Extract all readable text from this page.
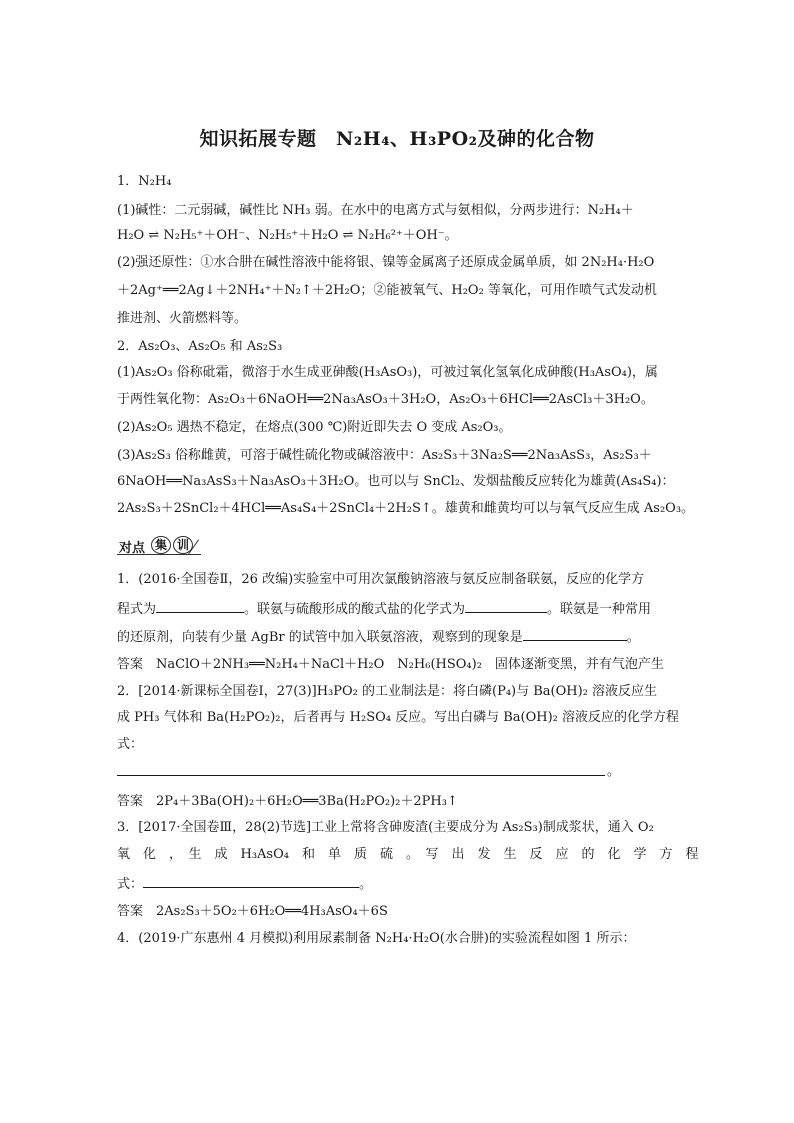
知识拓展专题　N₂H₄、H₃PO₂及砷的化合物
1．N₂H₄
(1)碱性：二元弱碱，碱性比 NH₃ 弱。在水中的电离方式与氨相似，分两步进行：N₂H₄＋
H₂O ⇌ N₂H₅⁺＋OH⁻、N₂H₅⁺＋H₂O ⇌ N₂H₆²⁺＋OH⁻。
(2)强还原性：①水合肼在碱性溶液中能将银、镍等金属离子还原成金属单质，如 2N₂H₄·H₂O
＋2Ag⁺══2Ag↓＋2NH₄⁺＋N₂↑＋2H₂O；②能被氧气、H₂O₂ 等氧化，可用作喷气式发动机
推进剂、火箭燃料等。
2．As₂O₃、As₂O₅ 和 As₂S₃
(1)As₂O₃ 俗称砒霜，微溶于水生成亚砷酸(H₃AsO₃)，可被过氧化氢氧化成砷酸(H₃AsO₄)，属
于两性氧化物：As₂O₃＋6NaOH══2Na₃AsO₃＋3H₂O，As₂O₃＋6HCl══2AsCl₃＋3H₂O。
(2)As₂O₅ 遇热不稳定，在熔点(300 ℃)附近即失去 O 变成 As₂O₃。
(3)As₂S₃ 俗称雌黄，可溶于碱性硫化物或碱溶液中：As₂S₃＋3Na₂S══2Na₃AsS₃，As₂S₃＋
6NaOH══Na₃AsS₃＋Na₃AsO₃＋3H₂O。也可以与 SnCl₂、发烟盐酸反应转化为雄黄(As₄S₄)：
2As₂S₃＋2SnCl₂＋4HCl══As₄S₄＋2SnCl₄＋2H₂S↑。雄黄和雌黄均可以与氧气反应生成 As₂O₃。
对点 集 训
1．(2016·全国卷Ⅱ，26 改编)实验室中可用次氯酸钠溶液与氨反应制备联氨，反应的化学方
程式为	。联氨与硫酸形成的酸式盐的化学式为	。联氨是一种常用
的还原剂，向装有少量 AgBr 的试管中加入联氨溶液，观察到的现象是	。
答案　NaClO＋2NH₃══N₂H₄＋NaCl＋H₂O　N₂H₆(HSO₄)₂　固体逐渐变黑，并有气泡产生
2．[2014·新课标全国卷Ⅰ，27(3)]H₃PO₂ 的工业制法是：将白磷(P₄)与 Ba(OH)₂ 溶液反应生
成 PH₃ 气体和 Ba(H₂PO₂)₂，后者再与 H₂SO₄ 反应。写出白磷与 Ba(OH)₂ 溶液反应的化学方程
式：
。
答案　2P₄＋3Ba(OH)₂＋6H₂O══3Ba(H₂PO₂)₂＋2PH₃↑
3．[2017·全国卷Ⅲ，28(2)节选]工业上常将含砷废渣(主要成分为 As₂S₃)制成浆状，通入 O₂
氧　化　，　生　成　H₃AsO₄　和　单　质　硫　。　写　出　发　生　反　应　的　化　学　方　程
式：	。
答案　2As₂S₃＋5O₂＋6H₂O══4H₃AsO₄＋6S
4．(2019·广东惠州 4 月模拟)利用尿素制备 N₂H₄·H₂O(水合肼)的实验流程如图 1 所示：
